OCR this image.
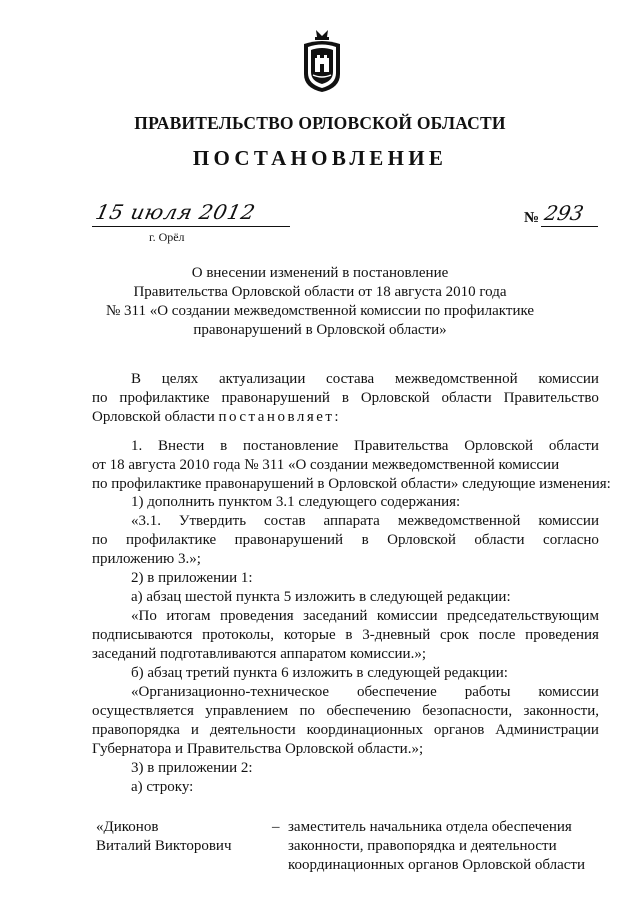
ПРАВИТЕЛЬСТВО ОРЛОВСКОЙ ОБЛАСТИ
ПОСТАНОВЛЕНИЕ
15 июля 2012
г. Орёл
№ 293
О внесении изменений в постановление
Правительства Орловской области от 18 августа 2010 года
№ 311 «О создании межведомственной комиссии по профилактике
правонарушений в Орловской области»
В целях актуализации состава межведомственной комиссии
по профилактике правонарушений в Орловской области Правительство
Орловской области постановляет:
1. Внести в постановление Правительства Орловской области
от 18 августа 2010 года № 311 «О создании межведомственной комиссии
по профилактике правонарушений в Орловской области» следующие изменения:
1) дополнить пунктом 3.1 следующего содержания:
«3.1. Утвердить состав аппарата межведомственной комиссии
по профилактике правонарушений в Орловской области согласно
приложению 3.»;
2) в приложении 1:
а) абзац шестой пункта 5 изложить в следующей редакции:
«По итогам проведения заседаний комиссии председательствующим
подписываются протоколы, которые в 3-дневный срок после проведения
заседаний подготавливаются аппаратом комиссии.»;
б) абзац третий пункта 6 изложить в следующей редакции:
«Организационно-техническое обеспечение работы комиссии
осуществляется управлением по обеспечению безопасности, законности,
правопорядка и деятельности координационных органов Администрации
Губернатора и Правительства Орловской области.»;
3) в приложении 2:
а) строку:
«Диконов
Виталий Викторович
– заместитель начальника отдела обеспечения
законности, правопорядка и деятельности
координационных органов Орловской области
